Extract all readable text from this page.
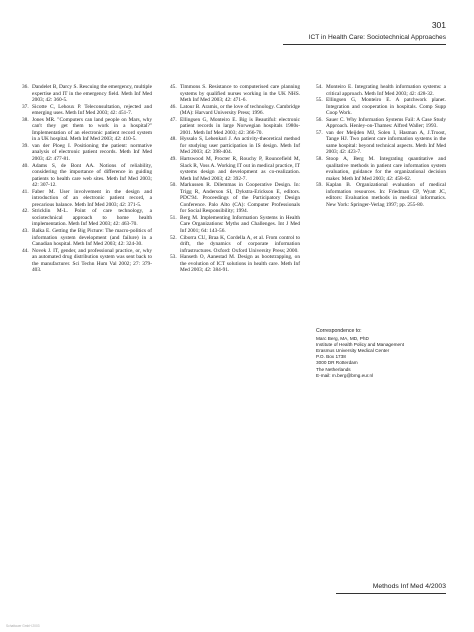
301
ICT in Health Care: Sociotechnical Approaches
36. Dandelet B, Darcy S. Rescuing the emergency, multiple expertise and IT in the emergency field. Meth Inf Med 2003; 42: 360-5.
37. Sicotte C, Lehoux P. Teleconsultation, rejected and emerging uses. Meth Inf Med 2003; 42: 451-7.
38. Jones MR. "Computers can land people on Mars, why can't they get them to work in a hospital?" Implementation of an electronic patient record system in a UK hospital. Meth Inf Med 2003; 42: 410-5.
39. van der Ploeg I. Positioning the patient: normative analysis of electronic patient records. Meth Inf Med 2003; 42: 477-81.
40. Adams S, de Bont AA. Notions of reliability, considering the importance of difference in guiding patients to health care web sites. Meth Inf Med 2003; 42: 307-12.
41. Faber M. User involvement in the design and introduction of an electronic patient record, a precarious balance. Meth Inf Med 2003; 42: 371-5.
42. Stricklin M-L. Point of care technology, a sociotechnical approach to home health implementation. Meth Inf Med 2003; 42: 463-70.
43. Balka E. Getting the Big Picture: The macro-politics of information system development (and failure) in a Canadian hospital. Meth Inf Med 2003; 42: 324-30.
44. Novek J. IT, gender, and professional practice, or, why an automated drug distribution system was sent back to the manufacturer. Sci Techn Hum Val 2002; 27: 379-403.
45. Timmons S. Resistance to computerised care planning systems by qualified nurses working in the UK NHS. Meth Inf Med 2003; 42: 471-6.
46. Latour B. Aramis, or the love of technology. Cambridge (MA): Harvard University Press; 1996.
47. Ellingsen G, Monteiro E. Big is Beautiful: electronic patient records in large Norwegian hospitals 1980s-2001. Meth Inf Med 2003; 42: 366-70.
48. Hyssalo S, Lehenkari J. An activity-theoretical method for studying user participation in IS design. Meth Inf Med 2003; 42: 398-404.
49. Hartswood M, Procter R, Rouchy P, Rouncefield M, Slack R, Voss A. Working IT out in medical practice, IT systems design and development as co-realization. Meth Inf Med 2003; 42: 392-7.
50. Markussen R. Dilemmas in Cooperative Design. In: Trigg R, Anderson SI, Dykstra-Erickson E, editors. PDC'94. Proceedings of the Participatory Design Conference. Palo Alto (CA): Computer Professionals for Social Responsibility; 1994.
51. Berg M. Implementing Information Systems in Health Care Organizations: Myths and Challenges. Int J Med Inf 2001; 64: 143-56.
52. Ciborra CU, Braa K, Cordella A, et al. From control to drift, the dynamics of corporate information infrastructures. Oxford: Oxford University Press; 2000.
53. Hanseth O, Aanestad M. Design as bootstrapping, on the evolution of ICT solutions in health care. Meth Inf Med 2003; 42: 384-91.
54. Monteiro E. Integrating health information systems: a critical approach. Meth Inf Med 2003; 42: 428-32.
55. Ellingsen G, Monteiro E. A patchwork planet. Integration and cooperation in hospitals. Comp Supp Coop Work.
56. Sauer C. Why Information Systems Fail: A Case Study Approach. Henley-on-Thames: Alfred Waller; 1993.
57. van der Meijden MJ, Solen I, Hasman A, J.Troost, Tange HJ. Two patient care information systems in the same hospital: beyond technical aspects. Meth Inf Med 2003; 42: 423-7.
58. Stoop A, Berg M. Integrating quantitative and qualitative methods in patient care information system evaluation, guidance for the organizational decision maker. Meth Inf Med 2003; 42: 458-62.
59. Kaplan B. Organizational evaluation of medical information resources. In: Friedman CP, Wyatt JC, editors: Evaluation methods in medical informatics. New York: Springer-Verlag 1997; pp. 255-80.
Correspondence to:
Marc Berg, MA, MD, PhD
Institute of Health Policy and Management
Erasmus University Medical Center
P.O. Box 1738
3000 DR Rotterdam
The Netherlands
E-mail: m.berg@bmg.eur.nl
Methods Inf Med 4/2003
Schattauer GmbH 2003
